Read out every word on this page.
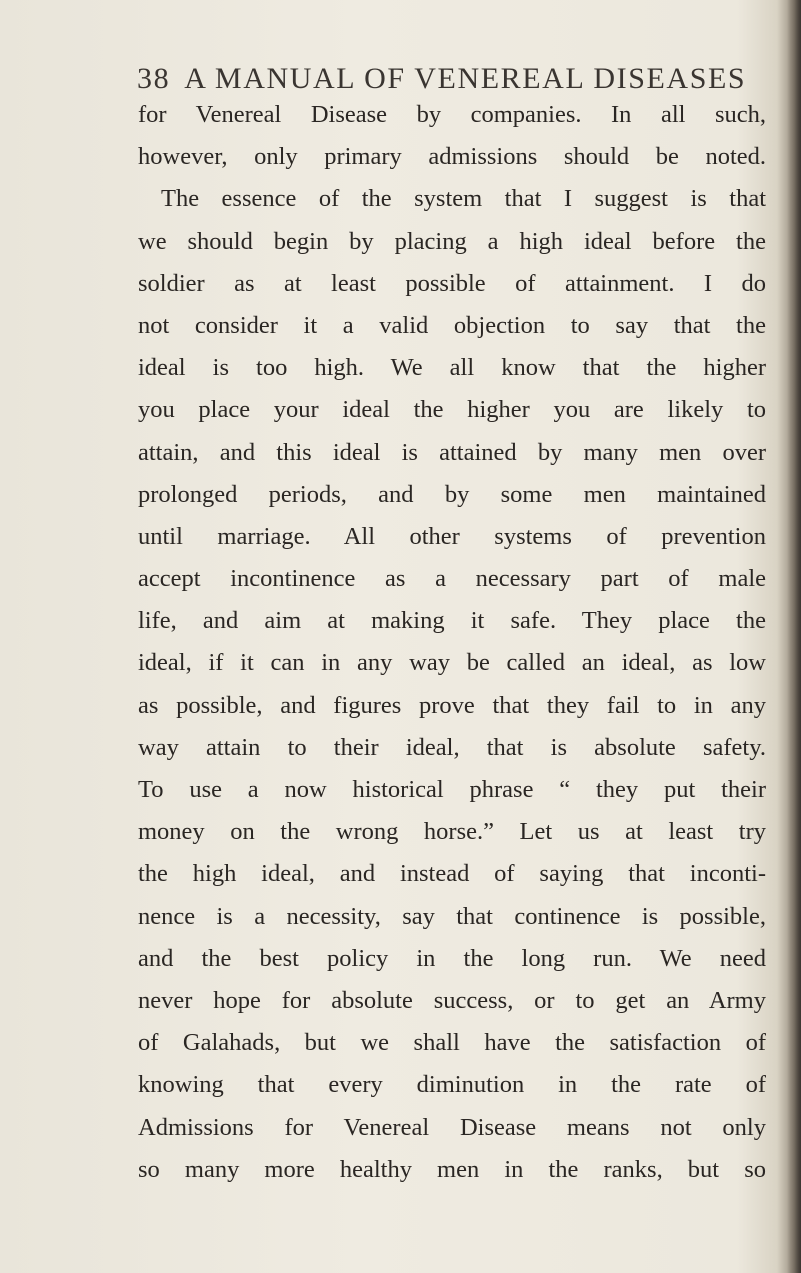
38 A MANUAL OF VENEREAL DISEASES
for Venereal Disease by companies. In all such,
however, only primary admissions should be noted.
The essence of the system that I suggest is that
we should begin by placing a high ideal before the
soldier as at least possible of attainment. I do
not consider it a valid objection to say that the
ideal is too high. We all know that the higher
you place your ideal the higher you are likely to
attain, and this ideal is attained by many men over
prolonged periods, and by some men maintained
until marriage. All other systems of prevention
accept incontinence as a necessary part of male
life, and aim at making it safe. They place the
ideal, if it can in any way be called an ideal, as low
as possible, and figures prove that they fail to in any
way attain to their ideal, that is absolute safety.
To use a now historical phrase “ they put their
money on the wrong horse.” Let us at least try
the high ideal, and instead of saying that inconti-
nence is a necessity, say that continence is possible,
and the best policy in the long run. We need
never hope for absolute success, or to get an Army
of Galahads, but we shall have the satisfaction of
knowing that every diminution in the rate of
Admissions for Venereal Disease means not only
so many more healthy men in the ranks, but so
